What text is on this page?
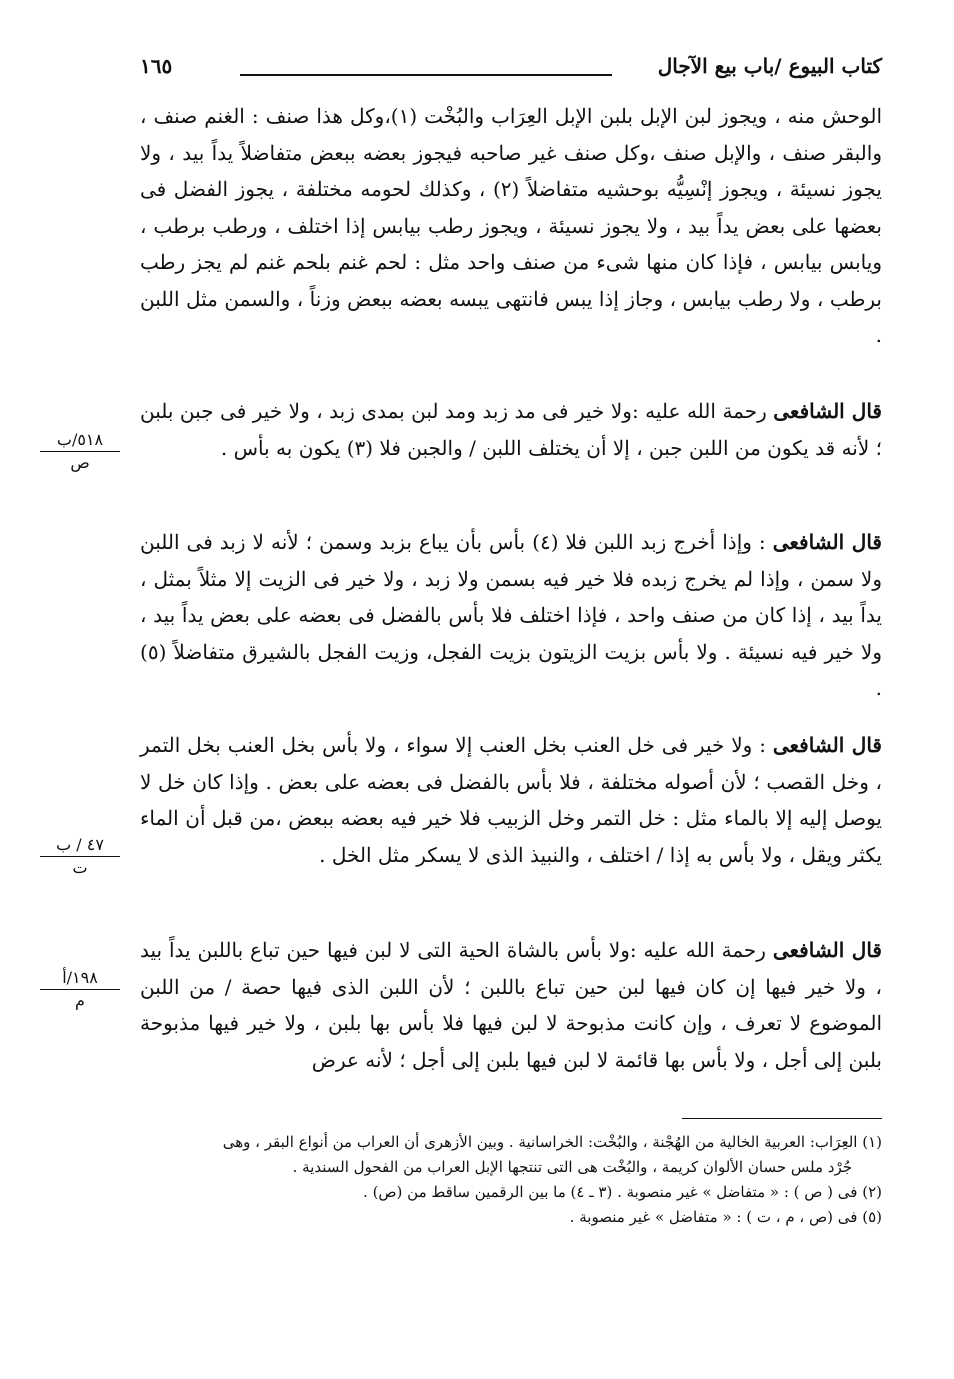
كتاب البيوع /باب بيع الآجال
١٦٥

الوحش منه ، ويجوز لبن الإبل بلبن الإبل العِرَاب والبُخْت (١)،وكل هذا صنف : الغنم صنف ، والبقر صنف ، والإبل صنف ،وكل صنف غير صاحبه فيجوز بعضه ببعض متفاضلاً يداً بيد ، ولا يجوز نسيئة ، ويجوز إنْسِيُّه بوحشيه متفاضلاً (٢) ، وكذلك لحومه مختلفة ، يجوز الفضل فى بعضها على بعض يداً بيد ، ولا يجوز نسيئة ، ويجوز رطب بيابس إذا اختلف ، ورطب برطب ، ويابس بيابس ، فإذا كان منها شىء من صنف واحد مثل : لحم غنم بلحم غنم لم يجز رطب برطب ، ولا رطب بيابس ، وجاز إذا يبس فانتهى يبسه بعضه ببعض وزناً ، والسمن مثل اللبن .

قال الشافعى رحمة الله عليه :ولا خير فى مد زبد ومد لبن بمدى زبد ، ولا خير فى جبن بلبن ؛ لأنه قد يكون من اللبن جبن ، إلا أن يختلف اللبن / والجبن فلا (٣) يكون به بأس .

قال الشافعى : وإذا أخرج زبد اللبن فلا (٤) بأس بأن يباع بزبد وسمن ؛ لأنه لا زبد فى اللبن ولا سمن ، وإذا لم يخرج زبده فلا خير فيه بسمن ولا زبد ، ولا خير فى الزيت إلا مثلاً بمثل ، يداً بيد ، إذا كان من صنف واحد ، فإذا اختلف فلا بأس بالفضل فى بعضه على بعض يداً بيد ، ولا خير فيه نسيئة . ولا بأس بزيت الزيتون بزيت الفجل، وزيت الفجل بالشيرق متفاضلاً (٥) .

قال الشافعى : ولا خير فى خل العنب بخل العنب إلا سواء ، ولا بأس بخل العنب بخل التمر ، وخل القصب ؛ لأن أصوله مختلفة ، فلا بأس بالفضل فى بعضه على بعض . وإذا كان خل لا يوصل إليه إلا بالماء مثل : خل التمر وخل الزبيب فلا خير فيه بعضه ببعض ،من قبل أن الماء يكثر ويقل ، ولا بأس به إذا / اختلف ، والنبيذ الذى لا يسكر مثل الخل .

قال الشافعى رحمة الله عليه :ولا بأس بالشاة الحية التى لا لبن فيها حين تباع باللبن يداً بيد ، ولا خير فيها إن كان فيها لبن حين تباع باللبن ؛ لأن اللبن الذى فيها حصة / من اللبن الموضوع لا تعرف ، وإن كانت مذبوحة لا لبن فيها فلا بأس بها بلبن ، ولا خير فيها مذبوحة بلبن إلى أجل ، ولا بأس بها قائمة لا لبن فيها بلبن إلى أجل ؛ لأنه عرض

٥١٨/ب
ص
٤٧ / ب
ت
١٩٨/أ
م
(١) العِرَاب: العربية الخالية من الهُجْنة ، والبُخْت: الخراسانية . وبين الأزهرى أن العراب من أنواع البقر ، وهى
جُرْد ملس حسان الألوان كريمة ، والبُخْت هى التى تنتجها الإبل العراب من الفحول السندية .
(٢) فى ( ص ) : « متفاضل » غير منصوبة . (٣ ـ ٤) ما بين الرقمين ساقط من (ص) .
(٥) فى (ص ، م ، ت ) : « متفاضل » غير منصوبة .
